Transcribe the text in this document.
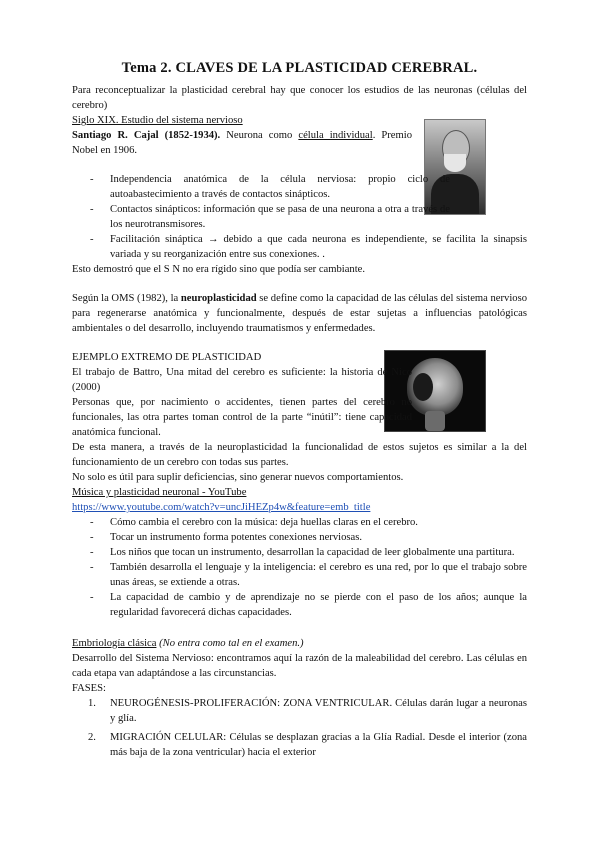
Tema 2. CLAVES DE LA PLASTICIDAD CEREBRAL.

Para reconceptualizar la plasticidad cerebral hay que conocer los estudios de las neuronas (células del cerebro)

Siglo XIX. Estudio del sistema nervioso

Santiago R. Cajal (1852-1934). Neurona como célula individual. Premio Nobel en 1906.

- Independencia anatómica de la célula nerviosa: propio ciclo de autoabastecimiento a través de contactos sinápticos.
- Contactos sinápticos: información que se pasa de una neurona a otra a través de los neurotransmisores.
- Facilitación sináptica → debido a que cada neurona es independiente, se facilita la sinapsis variada y su reorganización entre sus conexiones. .

Esto demostró que el S N no era rígido sino que podía ser cambiante.

Según la OMS (1982), la neuroplasticidad se define como la capacidad de las células del sistema nervioso para regenerarse anatómica y funcionalmente, después de estar sujetas a influencias patológicas ambientales o del desarrollo, incluyendo traumatismos y enfermedades.

EJEMPLO EXTREMO DE PLASTICIDAD

El trabajo de Battro, Una mitad del cerebro es suficiente: la historia de Nico (2000)

Personas que, por nacimiento o accidentes, tienen partes del cerebro no funcionales, las otra partes toman control de la parte “inútil”: tiene capacidad anatómica funcional.

De esta manera, a través de la neuroplasticidad la funcionalidad de estos sujetos es similar a la del funcionamiento de un cerebro con todas sus partes.

No solo es útil para suplir deficiencias, sino generar nuevos comportamientos.

Música y plasticidad neuronal - YouTube

https://www.youtube.com/watch?v=uncJiHEZp4w&feature=emb_title

- Cómo cambia el cerebro con la música: deja huellas claras en el cerebro.
- Tocar un instrumento forma potentes conexiones nerviosas.
- Los niños que tocan un instrumento, desarrollan la capacidad de leer globalmente una partitura.
- También desarrolla el lenguaje y la inteligencia: el cerebro es una red, por lo que el trabajo sobre unas áreas, se extiende a otras.
- La capacidad de cambio y de aprendizaje no se pierde con el paso de los años; aunque la regularidad favorecerá dichas capacidades.

Embriología clásica (No entra como tal en el examen.)

Desarrollo del Sistema Nervioso: encontramos aquí la razón de la maleabilidad del cerebro. Las células en cada etapa van adaptándose a las circunstancias.

FASES:

1. NEUROGÉNESIS-PROLIFERACIÓN: ZONA VENTRICULAR. Células darán lugar a neuronas y glía.
2. MIGRACIÓN CELULAR: Células se desplazan gracias a la Glía Radial. Desde el interior (zona más baja de la zona ventricular) hacia el exterior
